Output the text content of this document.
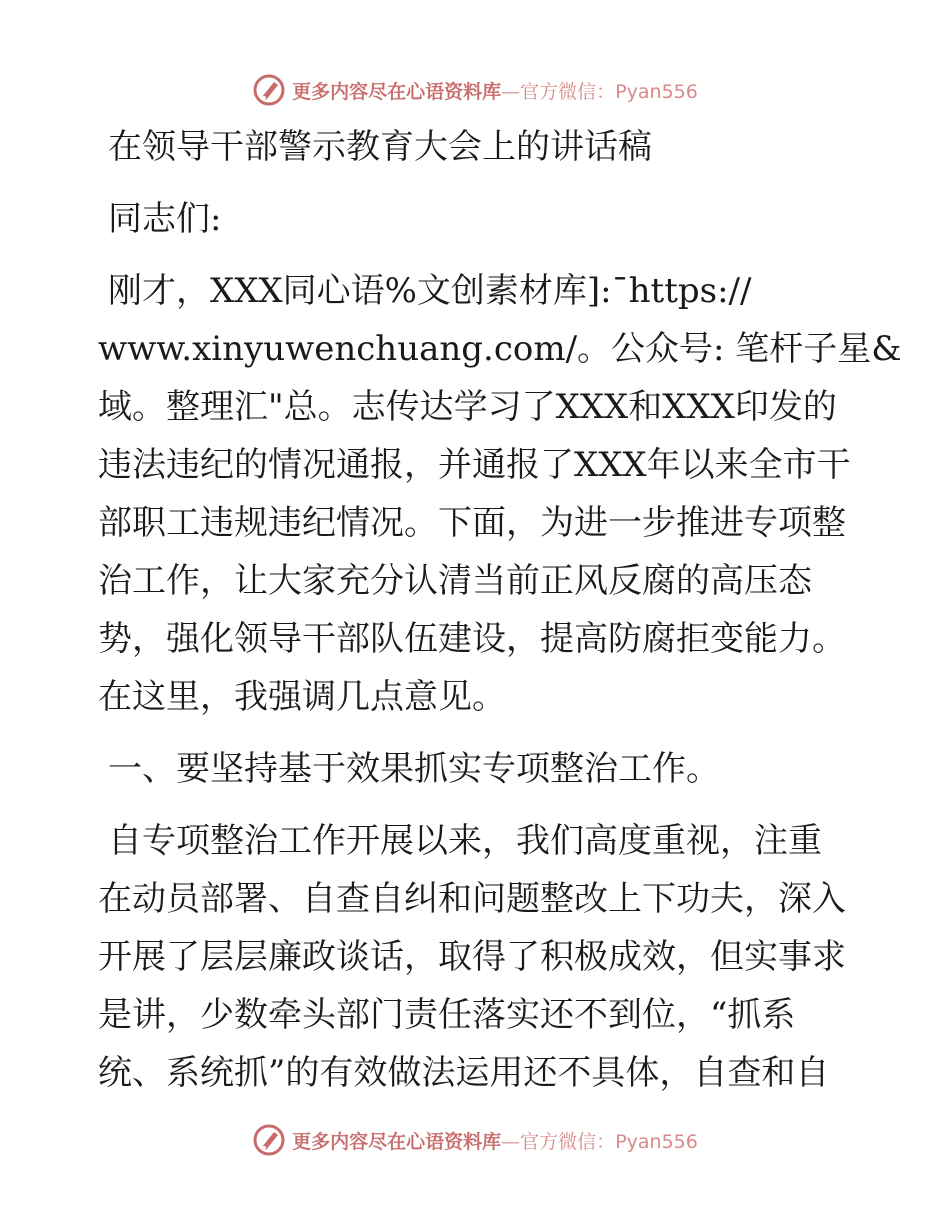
更多内容尽在心语资料库—官方微信：Pyan556
在领导干部警示教育大会上的讲话稿
同志们:
刚才，XXX同心语%文创素材库]:¯https://
www.xinyuwenchuang.com/。公众号: 笔杆子星&
域。整理汇"总。志传达学习了XXX和XXX印发的
违法违纪的情况通报，并通报了XXX年以来全市干
部职工违规违纪情况。下面，为进一步推进专项整
治工作，让大家充分认清当前正风反腐的高压态
势，强化领导干部队伍建设，提高防腐拒变能力。
在这里，我强调几点意见。
一、要坚持基于效果抓实专项整治工作。
自专项整治工作开展以来，我们高度重视，注重
在动员部署、自查自纠和问题整改上下功夫，深入
开展了层层廉政谈话，取得了积极成效，但实事求
是讲，少数牵头部门责任落实还不到位，“抓系
统、系统抓”的有效做法运用还不具体，自查和自
更多内容尽在心语资料库—官方微信：Pyan556
